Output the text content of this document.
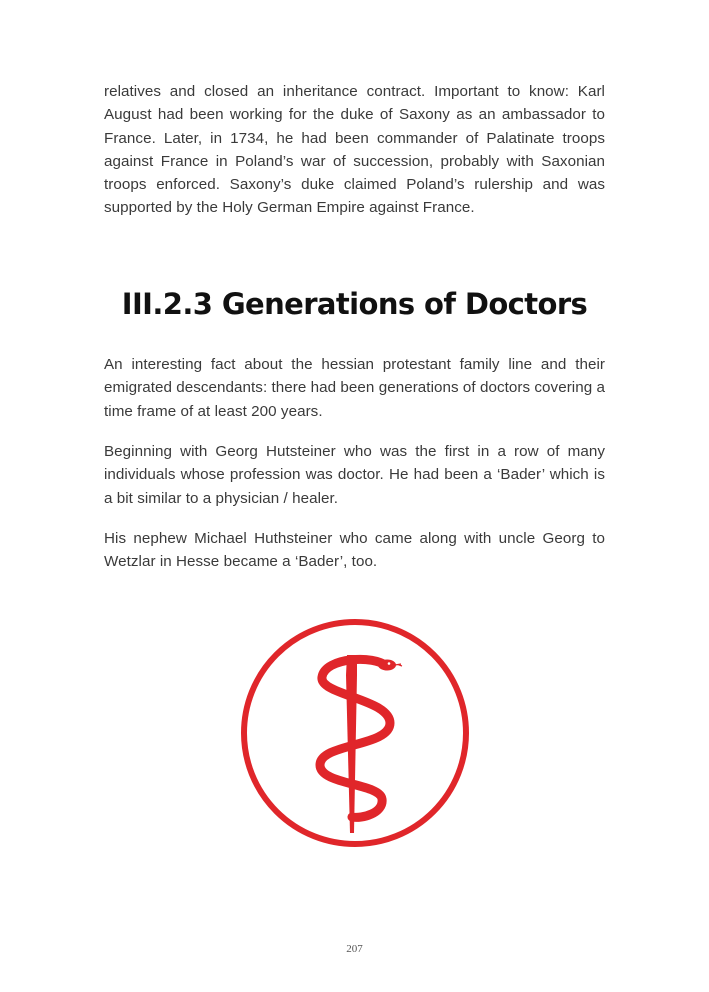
relatives and closed an inheritance contract. Important to know: Karl August had been working for the duke of Saxony as an ambassador to France. Later, in 1734, he had been commander of Palatinate troops against France in Poland’s war of succession, probably with Saxonian troops enforced. Saxony’s duke claimed Poland’s rulership and was supported by the Holy German Empire against France.

III.2.3 Generations of Doctors

An interesting fact about the hessian protestant family line and their emigrated descendants: there had been generations of doctors covering a time frame of at least 200 years.

Beginning with Georg Hutsteiner who was the first in a row of many individuals whose profession was doctor. He had been a ‘Bader’ which is a bit similar to a physician / healer.

His nephew Michael Huthsteiner who came along with uncle Georg to Wetzlar in Hesse became a ‘Bader’, too.

207
